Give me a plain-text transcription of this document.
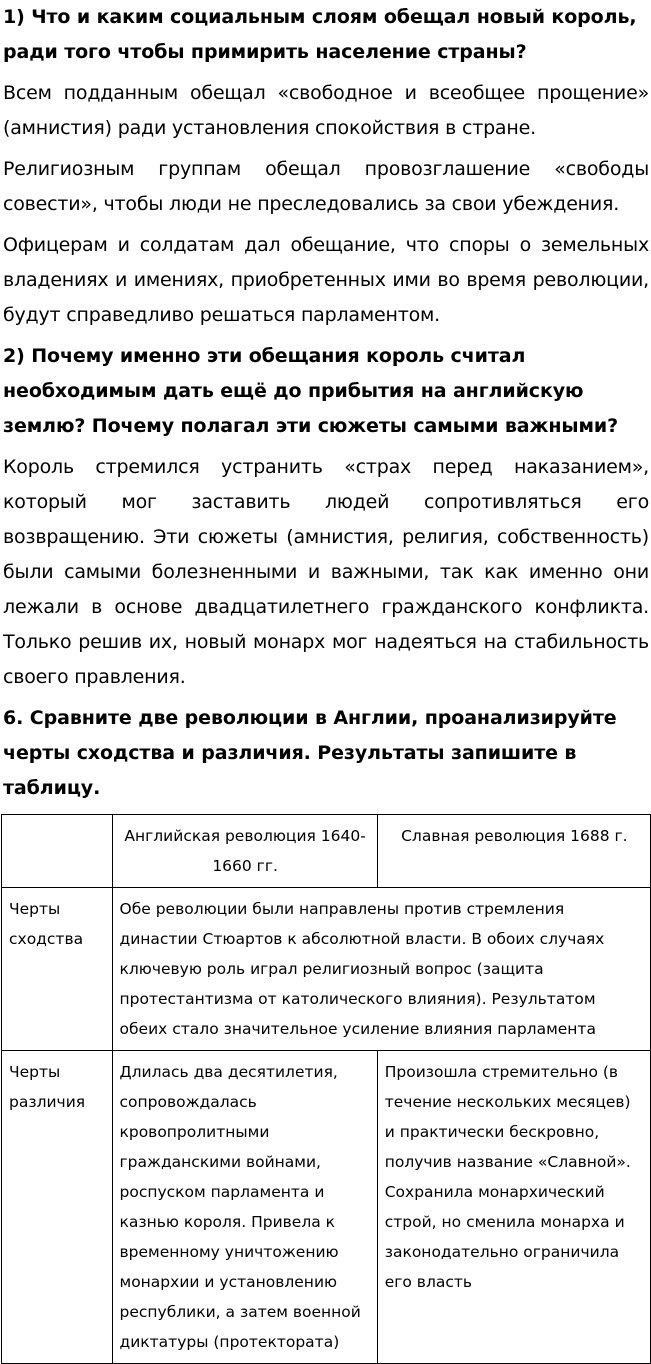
1) Что и каким социальным слоям обещал новый король, ради того чтобы примирить население страны?

Всем подданным обещал «свободное и всеобщее прощение» (амнистия) ради установления спокойствия в стране.

Религиозным группам обещал провозглашение «свободы совести», чтобы люди не преследовались за свои убеждения.

Офицерам и солдатам дал обещание, что споры о земельных владениях и имениях, приобретенных ими во время революции, будут справедливо решаться парламентом.

2) Почему именно эти обещания король считал необходимым дать ещё до прибытия на английскую землю? Почему полагал эти сюжеты самыми важными?

Король стремился устранить «страх перед наказанием», который мог заставить людей сопротивляться его возвращению. Эти сюжеты (амнистия, религия, собственность) были самыми болезненными и важными, так как именно они лежали в основе двадцатилетнего гражданского конфликта. Только решив их, новый монарх мог надеяться на стабильность своего правления.

6. Сравните две революции в Англии, проанализируйте черты сходства и различия. Результаты запишите в таблицу.

	Английская революция 1640-1660 гг.	Славная революция 1688 г.
Черты сходства	Обе революции были направлены против стремления династии Стюартов к абсолютной власти. В обоих случаях ключевую роль играл религиозный вопрос (защита протестантизма от католического влияния). Результатом обеих стало значительное усиление влияния парламента	
Черты различия	Длилась два десятилетия, сопровождалась кровопролитными гражданскими войнами, роспуском парламента и казнью короля. Привела к временному уничтожению монархии и установлению республики, а затем военной диктатуры (протектората)	Произошла стремительно (в течение нескольких месяцев) и практически бескровно, получив название «Славной». Сохранила монархический строй, но сменила монарха и законодательно ограничила его власть
